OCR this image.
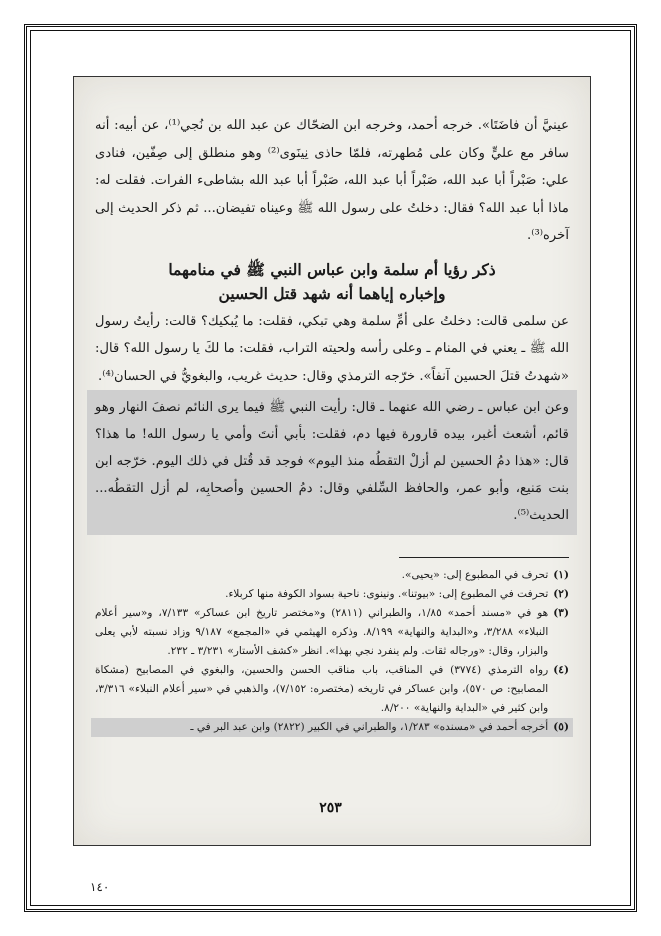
عينيَّ أن فاضَتَا». خرجه أحمد، وخرجه ابن الضحّاك عن عبد الله بن نُجي⁽¹⁾، عن أبيه: أنه سافر مع عليٍّ وكان على مُطهرته، فلمّا حاذى نِينَوى⁽²⁾ وهو منطلق إلى صِفّين، فنادى علي: صَبْراً أبا عبد الله، صَبْراً أبا عبد الله، صَبْراً أبا عبد الله بشاطىء الفرات. فقلت له: ماذا أبا عبد الله؟ فقال: دخلتُ على رسول الله ﷺ وعيناه تفيضان... ثم ذكر الحديث إلى آخره⁽³⁾.

ذكر رؤيا أم سلمة وابن عباس النبي ﷺ في منامهما
وإخباره إياهما أنه شهد قتل الحسين

عن سلمى قالت: دخلتُ على أمِّ سلمة وهي تبكي، فقلت: ما يُبكيك؟ قالت: رأيتُ رسول الله ﷺ ـ يعني في المنام ـ وعلى رأسه ولحيته التراب، فقلت: ما لكَ يا رسول الله؟ قال: «شهدتُ قتلَ الحسين آنفاً». خرّجه الترمذي وقال: حديث غريب، والبغويُّ في الحسان⁽⁴⁾.

وعن ابن عباس ـ رضي الله عنهما ـ قال: رأيت النبي ﷺ فيما يرى النائم نصفَ النهار وهو قائم، أشعث أغبر، بيده قارورة فيها دم، فقلت: بأبي أنتَ وأمي يا رسول الله! ما هذا؟ قال: «هذا دمُ الحسين لم أزلْ التقطُه منذ اليوم» فوجد قد قُتل في ذلك اليوم. خرّجه ابن بنت مَنيع، وأبو عمر، والحافظ السِّلفي وقال: دمُ الحسين وأصحابِه، لم أزل التقطُه... الحديث⁽⁵⁾.

(١)
تحرف في المطبوع إلى: «يحيى».
(٢)
تحرفت في المطبوع إلى: «بيوتنا». ونينوى: ناحية بسواد الكوفة منها كربلاء.
(٣)
هو في «مسند أحمد» ١/٨٥، والطبراني (٢٨١١) و«مختصر تاريخ ابن عساكر» ٧/١٣٣، و«سير أعلام النبلاء» ٣/٢٨٨، و«البداية والنهاية» ٨/١٩٩. وذكره الهيثمي في «المجمع» ٩/١٨٧ وزاد نسبته لأبي يعلى والبزار، وقال: «ورجاله ثقات. ولم ينفرد نجي بهذا». انظر «كشف الأستار» ٣/٢٣١ ـ ٢٣٢.
(٤)
رواه الترمذي (٣٧٧٤) في المناقب، باب مناقب الحسن والحسين، والبغوي في المصابيح (مشكاة المصابيح: ص ٥٧٠)، وابن عساكر في تاريخه (مختصره: ٧/١٥٢)، والذهبي في «سير أعلام النبلاء» ٣/٣١٦، وابن كثير في «البداية والنهاية» ٨/٢٠٠.
(٥)
أخرجه أحمد في «مسنده» ١/٢٨٣، والطبراني في الكبير (٢٨٢٢) وابن عبد البر في ـ
٢٥٣
١٤٠
